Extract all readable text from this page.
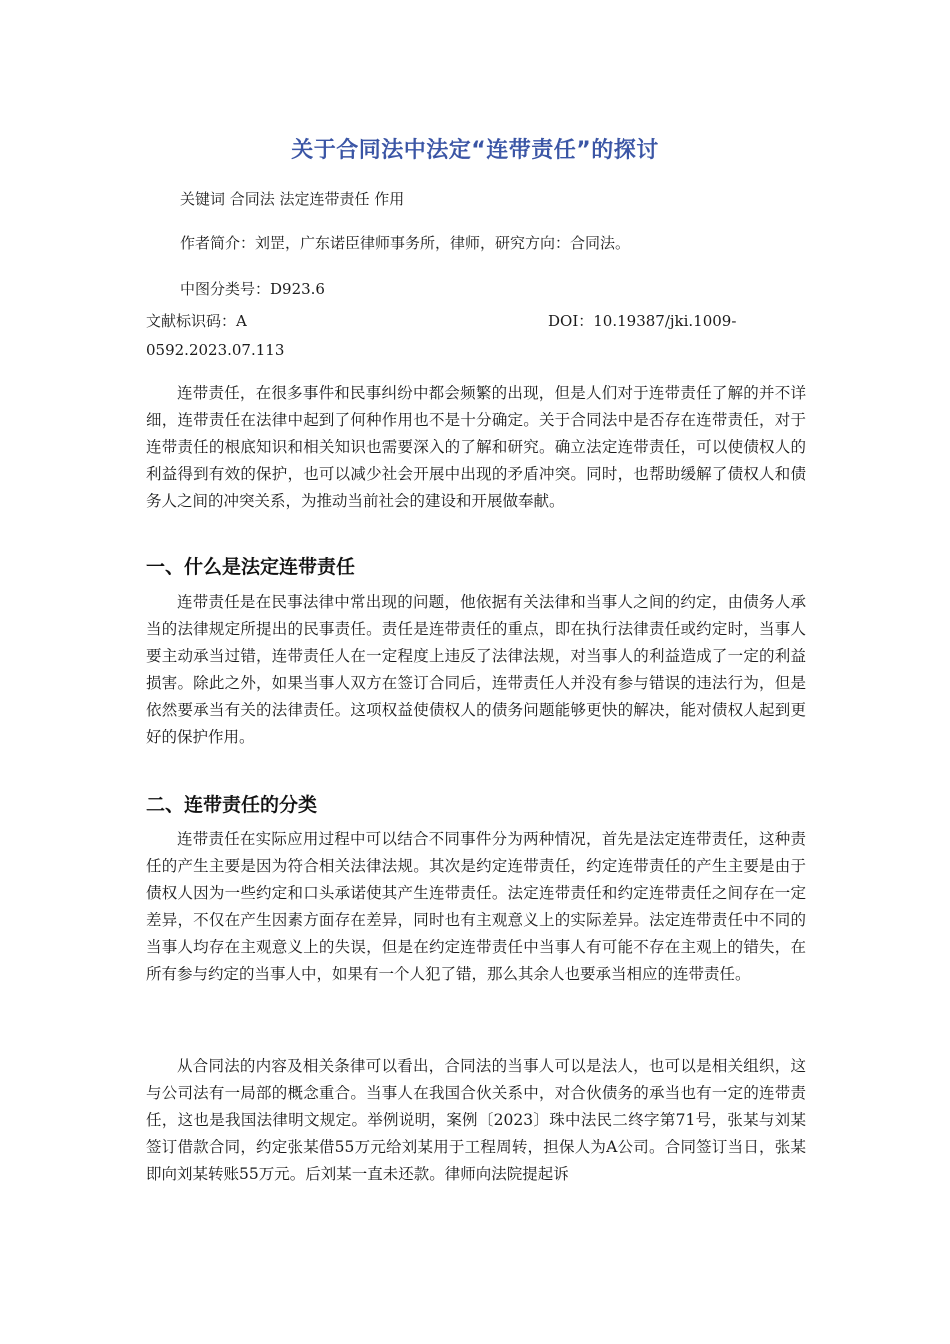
关于合同法中法定“连带责任”的探讨
关键词 合同法 法定连带责任 作用
作者简介：刘罡，广东诺臣律师事务所，律师，研究方向：合同法。
中图分类号：D923.6
文献标识码：A	DOI：10.19387/jki.1009-
0592.2023.07.113

连带责任，在很多事件和民事纠纷中都会频繁的出现，但是人们对于连带责任了解的并不详细，连带责任在法律中起到了何种作用也不是十分确定。关于合同法中是否存在连带责任，对于连带责任的根底知识和相关知识也需要深入的了解和研究。确立法定连带责任，可以使债权人的利益得到有效的保护，也可以减少社会开展中出现的矛盾冲突。同时，也帮助缓解了债权人和债务人之间的冲突关系，为推动当前社会的建设和开展做奉献。

一、什么是法定连带责任

连带责任是在民事法律中常出现的问题，他依据有关法律和当事人之间的约定，由债务人承当的法律规定所提出的民事责任。责任是连带责任的重点，即在执行法律责任或约定时，当事人要主动承当过错，连带责任人在一定程度上违反了法律法规，对当事人的利益造成了一定的利益损害。除此之外，如果当事人双方在签订合同后，连带责任人并没有参与错误的违法行为，但是依然要承当有关的法律责任。这项权益使债权人的债务问题能够更快的解决，能对债权人起到更好的保护作用。

二、连带责任的分类

连带责任在实际应用过程中可以结合不同事件分为两种情况，首先是法定连带责任，这种责任的产生主要是因为符合相关法律法规。其次是约定连带责任，约定连带责任的产生主要是由于债权人因为一些约定和口头承诺使其产生连带责任。法定连带责任和约定连带责任之间存在一定差异，不仅在产生因素方面存在差异，同时也有主观意义上的实际差异。法定连带责任中不同的当事人均存在主观意义上的失误，但是在约定连带责任中当事人有可能不存在主观上的错失，在所有参与约定的当事人中，如果有一个人犯了错，那么其余人也要承当相应的连带责任。

从合同法的内容及相关条律可以看出，合同法的当事人可以是法人，也可以是相关组织，这与公司法有一局部的概念重合。当事人在我国合伙关系中，对合伙债务的承当也有一定的连带责任，这也是我国法律明文规定。举例说明，案例〔2023〕珠中法民二终字第71号，张某与刘某签订借款合同，约定张某借55万元给刘某用于工程周转，担保人为A公司。合同签订当日，张某即向刘某转账55万元。后刘某一直未还款。律师向法院提起诉
